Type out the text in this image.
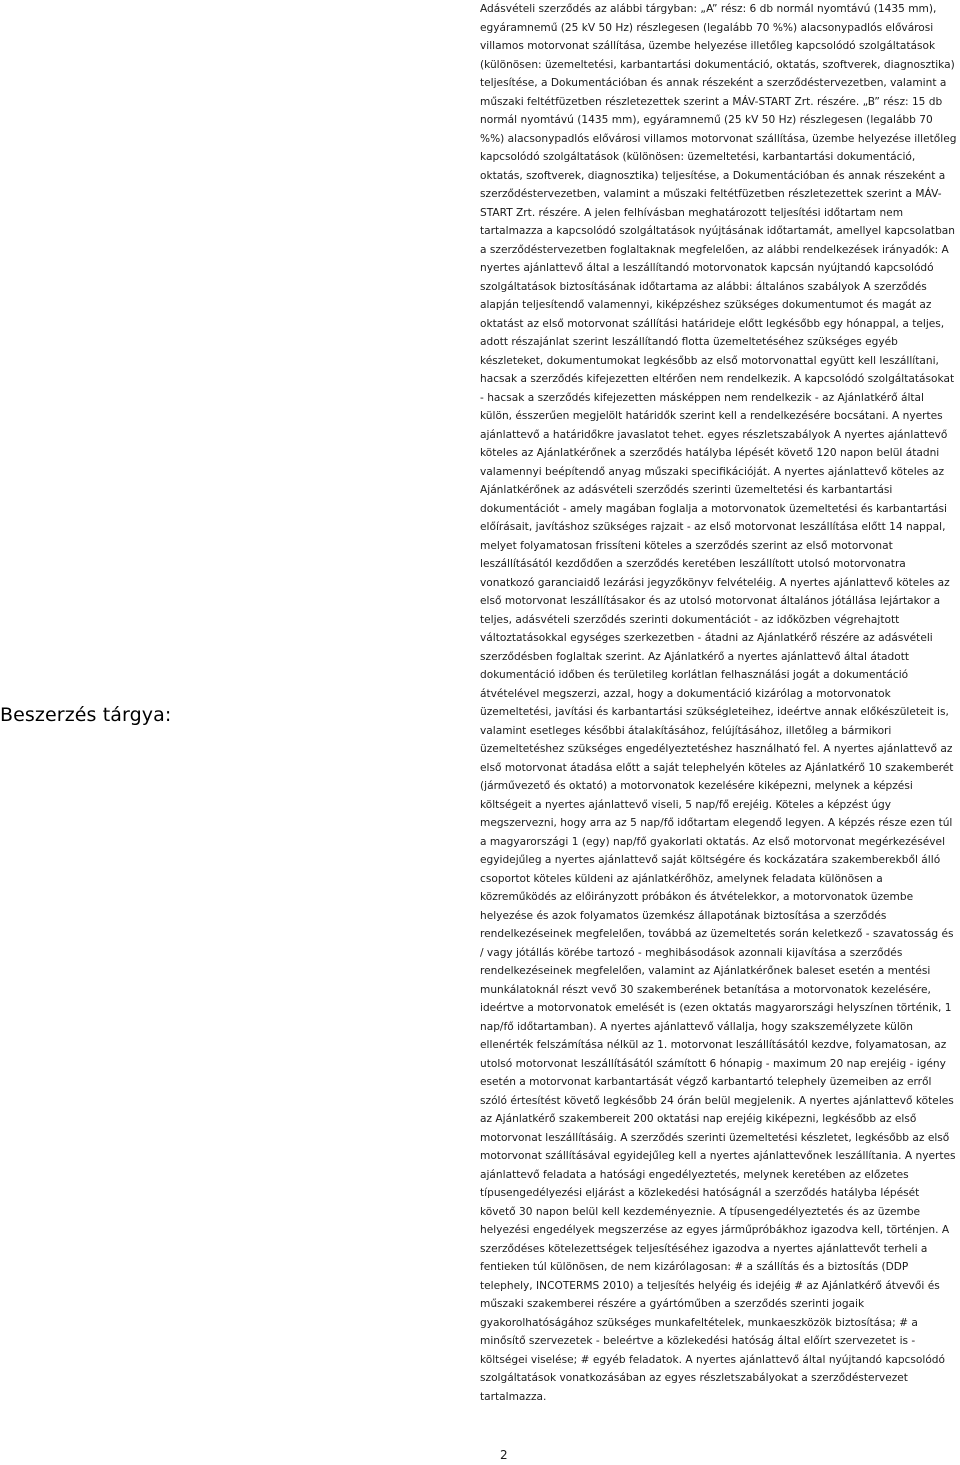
Beszerzés tárgya:

Adásvételi szerződés az alábbi tárgyban: „A” rész: 6 db normál nyomtávú (1435 mm), egyáramnemű (25 kV 50 Hz) részlegesen (legalább 70 %%) alacsonypadlós elővárosi villamos motorvonat szállítása, üzembe helyezése illetőleg kapcsolódó szolgáltatások (különösen: üzemeltetési, karbantartási dokumentáció, oktatás, szoftverek, diagnosztika) teljesítése, a Dokumentációban és annak részeként a szerződéstervezetben, valamint a műszaki feltétfüzetben részletezettek szerint a MÁV-START Zrt. részére. „B” rész: 15 db normál nyomtávú (1435 mm), egyáramnemű (25 kV 50 Hz) részlegesen (legalább 70 %%) alacsonypadlós elővárosi villamos motorvonat szállítása, üzembe helyezése illetőleg kapcsolódó szolgáltatások (különösen: üzemeltetési, karbantartási dokumentáció, oktatás, szoftverek, diagnosztika) teljesítése, a Dokumentációban és annak részeként a szerződéstervezetben, valamint a műszaki feltétfüzetben részletezettek szerint a MÁV-START Zrt. részére. A jelen felhívásban meghatározott teljesítési időtartam nem tartalmazza a kapcsolódó szolgáltatások nyújtásának időtartamát, amellyel kapcsolatban a szerződéstervezetben foglaltaknak megfelelően, az alábbi rendelkezések irányadók: A nyertes ajánlattevő által a leszállítandó motorvonatok kapcsán nyújtandó kapcsolódó szolgáltatások biztosításának időtartama az alábbi: általános szabályok A szerződés alapján teljesítendő valamennyi, kiképzéshez szükséges dokumentumot és magát az oktatást az első motorvonat szállítási határideje előtt legkésőbb egy hónappal, a teljes, adott részajánlat szerint leszállítandó flotta üzemeltetéséhez szükséges egyéb készleteket, dokumentumokat legkésőbb az első motorvonattal együtt kell leszállítani, hacsak a szerződés kifejezetten eltérően nem rendelkezik. A kapcsolódó szolgáltatásokat - hacsak a szerződés kifejezetten másképpen nem rendelkezik - az Ajánlatkérő által külön, ésszerűen megjelölt határidők szerint kell a rendelkezésére bocsátani. A nyertes ajánlattevő a határidőkre javaslatot tehet. egyes részletszabályok A nyertes ajánlattevő köteles az Ajánlatkérőnek a szerződés hatályba lépését követő 120 napon belül átadni valamennyi beépítendő anyag műszaki specifikációját. A nyertes ajánlattevő köteles az Ajánlatkérőnek az adásvételi szerződés szerinti üzemeltetési és karbantartási dokumentációt - amely magában foglalja a motorvonatok üzemeltetési és karbantartási előírásait, javításhoz szükséges rajzait - az első motorvonat leszállítása előtt 14 nappal, melyet folyamatosan frissíteni köteles a szerződés szerint az első motorvonat leszállításától kezdődően a szerződés keretében leszállított utolsó motorvonatra vonatkozó garanciaidő lezárási jegyzőkönyv felvételéig. A nyertes ajánlattevő köteles az első motorvonat leszállításakor és az utolsó motorvonat általános jótállása lejártakor a teljes, adásvételi szerződés szerinti dokumentációt - az időközben végrehajtott változtatásokkal egységes szerkezetben - átadni az Ajánlatkérő részére az adásvételi szerződésben foglaltak szerint. Az Ajánlatkérő a nyertes ajánlattevő által átadott dokumentáció időben és területileg korlátlan felhasználási jogát a dokumentáció átvételével megszerzi, azzal, hogy a dokumentáció kizárólag a motorvonatok üzemeltetési, javítási és karbantartási szükségleteihez, ideértve annak előkészületeit is, valamint esetleges későbbi átalakításához, felújításához, illetőleg a bármikori üzemeltetéshez szükséges engedélyeztetéshez használható fel. A nyertes ajánlattevő az első motorvonat átadása előtt a saját telephelyén köteles az Ajánlatkérő 10 szakemberét (járművezető és oktató) a motorvonatok kezelésére kiképezni, melynek a képzési költségeit a nyertes ajánlattevő viseli, 5 nap/fő erejéig. Köteles a képzést úgy megszervezni, hogy arra az 5 nap/fő időtartam elegendő legyen. A képzés része ezen túl a magyarországi 1 (egy) nap/fő gyakorlati oktatás. Az első motorvonat megérkezésével egyidejűleg a nyertes ajánlattevő saját költségére és kockázatára szakemberekből álló csoportot köteles küldeni az ajánlatkérőhöz, amelynek feladata különösen a közreműködés az előirányzott próbákon és átvételekkor, a motorvonatok üzembe helyezése és azok folyamatos üzemkész állapotának biztosítása a szerződés rendelkezéseinek megfelelően, továbbá az üzemeltetés során keletkező - szavatosság és / vagy jótállás körébe tartozó - meghibásodások azonnali kijavítása a szerződés rendelkezéseinek megfelelően, valamint az Ajánlatkérőnek baleset esetén a mentési munkálatoknál részt vevő 30 szakemberének betanítása a motorvonatok kezelésére, ideértve a motorvonatok emelését is (ezen oktatás magyarországi helyszínen történik, 1 nap/fő időtartamban). A nyertes ajánlattevő vállalja, hogy szakszemélyzete külön ellenérték felszámítása nélkül az 1. motorvonat leszállításától kezdve, folyamatosan, az utolsó motorvonat leszállításától számított 6 hónapig - maximum 20 nap erejéig - igény esetén a motorvonat karbantartását végző karbantartó telephely üzemeiben az erről szóló értesítést követő legkésőbb 24 órán belül megjelenik. A nyertes ajánlattevő köteles az Ajánlatkérő szakembereit 200 oktatási nap erejéig kiképezni, legkésőbb az első motorvonat leszállításáig. A szerződés szerinti üzemeltetési készletet, legkésőbb az első motorvonat szállításával egyidejűleg kell a nyertes ajánlattevőnek leszállítania. A nyertes ajánlattevő feladata a hatósági engedélyeztetés, melynek keretében az előzetes típusengedélyezési eljárást a közlekedési hatóságnál a szerződés hatályba lépését követő 30 napon belül kell kezdeményeznie. A típusengedélyeztetés és az üzembe helyezési engedélyek megszerzése az egyes járműpróbákhoz igazodva kell, történjen. A szerződéses kötelezettségek teljesítéséhez igazodva a nyertes ajánlattevőt terheli a fentieken túl különösen, de nem kizárólagosan: # a szállítás és a biztosítás (DDP telephely, INCOTERMS 2010) a teljesítés helyéig és idejéig # az Ajánlatkérő átvevői és műszaki szakemberei részére a gyártóműben a szerződés szerinti jogaik gyakorolhatóságához szükséges munkafeltételek, munkaeszközök biztosítása; # a minősítő szervezetek - beleértve a közlekedési hatóság által előírt szervezetet is - költségei viselése; # egyéb feladatok. A nyertes ajánlattevő által nyújtandó kapcsolódó szolgáltatások vonatkozásában az egyes részletszabályokat a szerződéstervezet tartalmazza.

2
